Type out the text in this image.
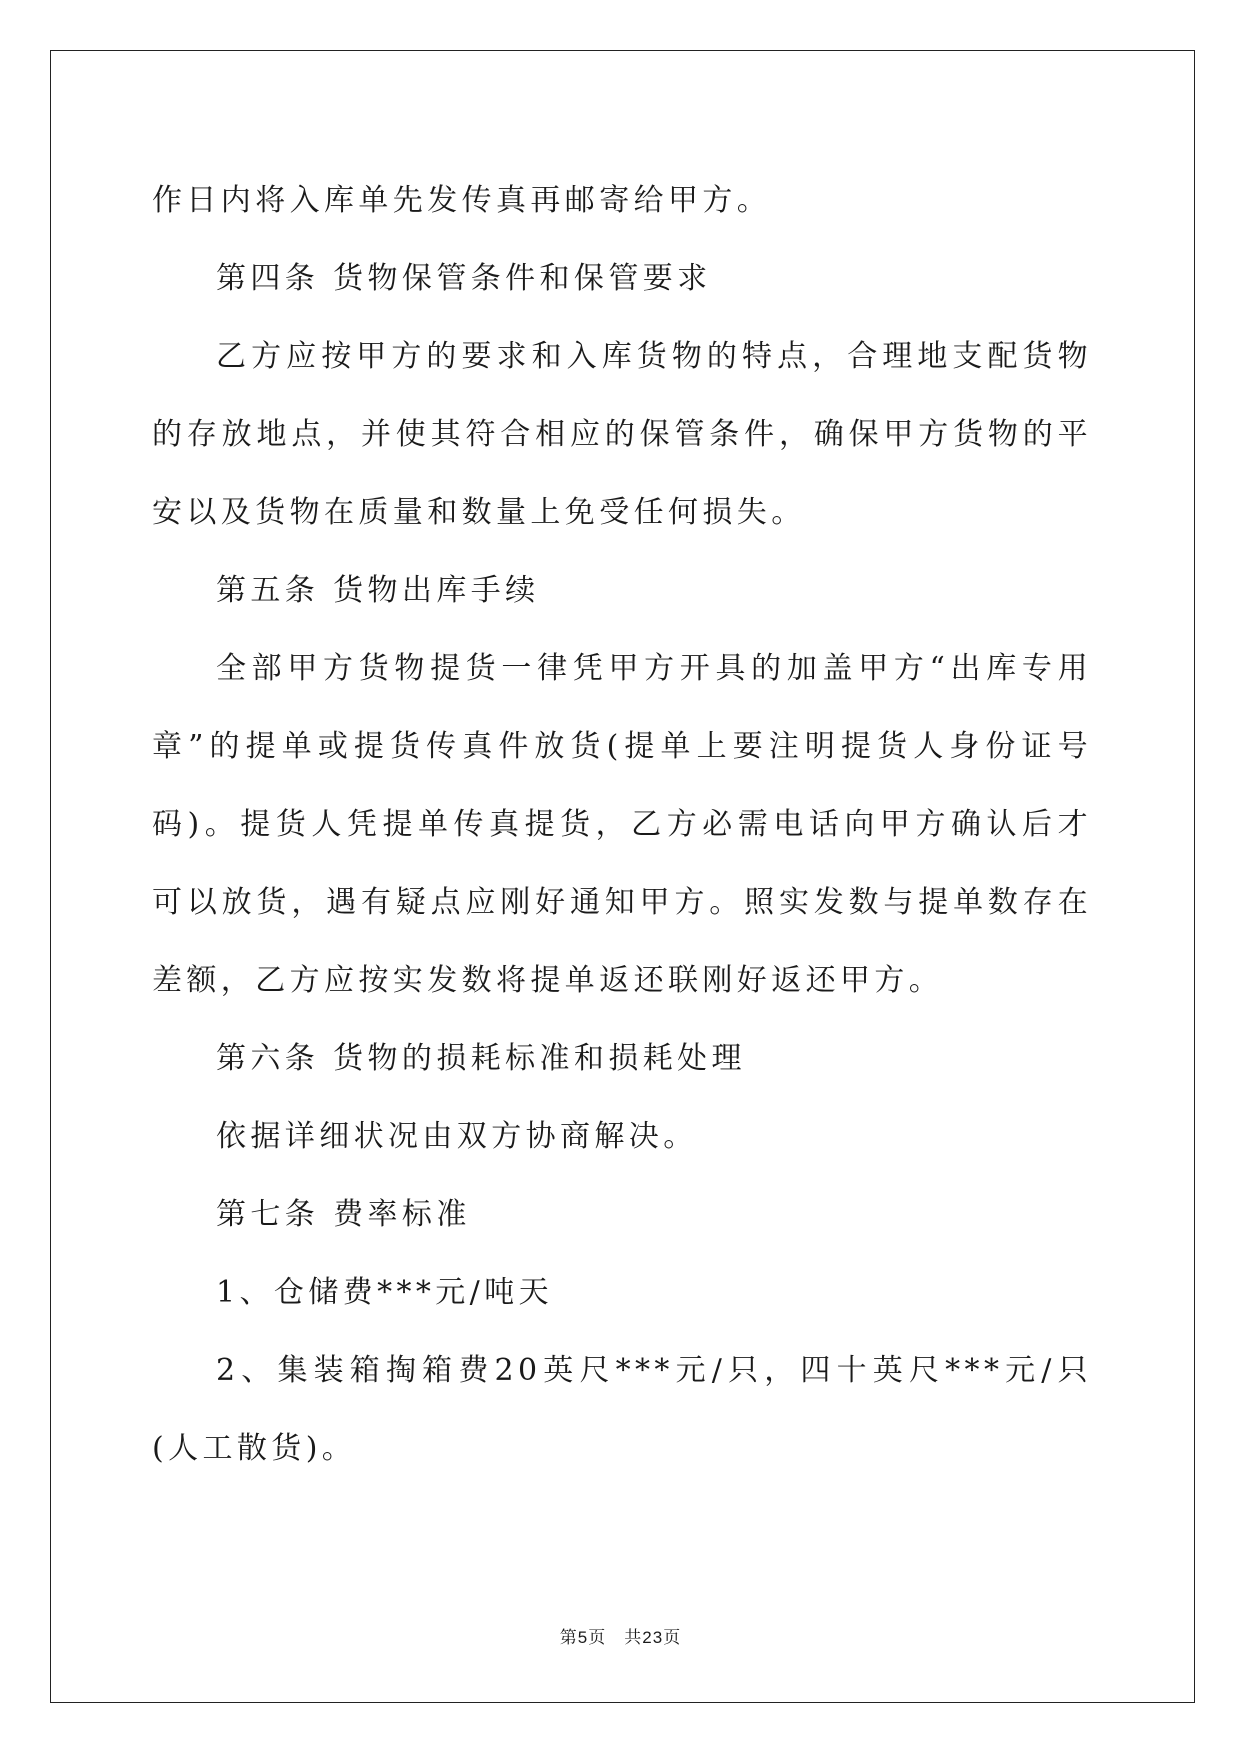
作日内将入库单先发传真再邮寄给甲方。

第四条 货物保管条件和保管要求

乙方应按甲方的要求和入库货物的特点，合理地支配货物的存放地点，并使其符合相应的保管条件，确保甲方货物的平安以及货物在质量和数量上免受任何损失。

第五条 货物出库手续

全部甲方货物提货一律凭甲方开具的加盖甲方“出库专用章”的提单或提货传真件放货(提单上要注明提货人身份证号码)。提货人凭提单传真提货，乙方必需电话向甲方确认后才可以放货，遇有疑点应刚好通知甲方。照实发数与提单数存在差额，乙方应按实发数将提单返还联刚好返还甲方。

第六条 货物的损耗标准和损耗处理

依据详细状况由双方协商解决。

第七条 费率标准

1、仓储费***元/吨天

2、集装箱掏箱费20英尺***元/只，四十英尺***元/只(人工散货)。

第5页 共23页
